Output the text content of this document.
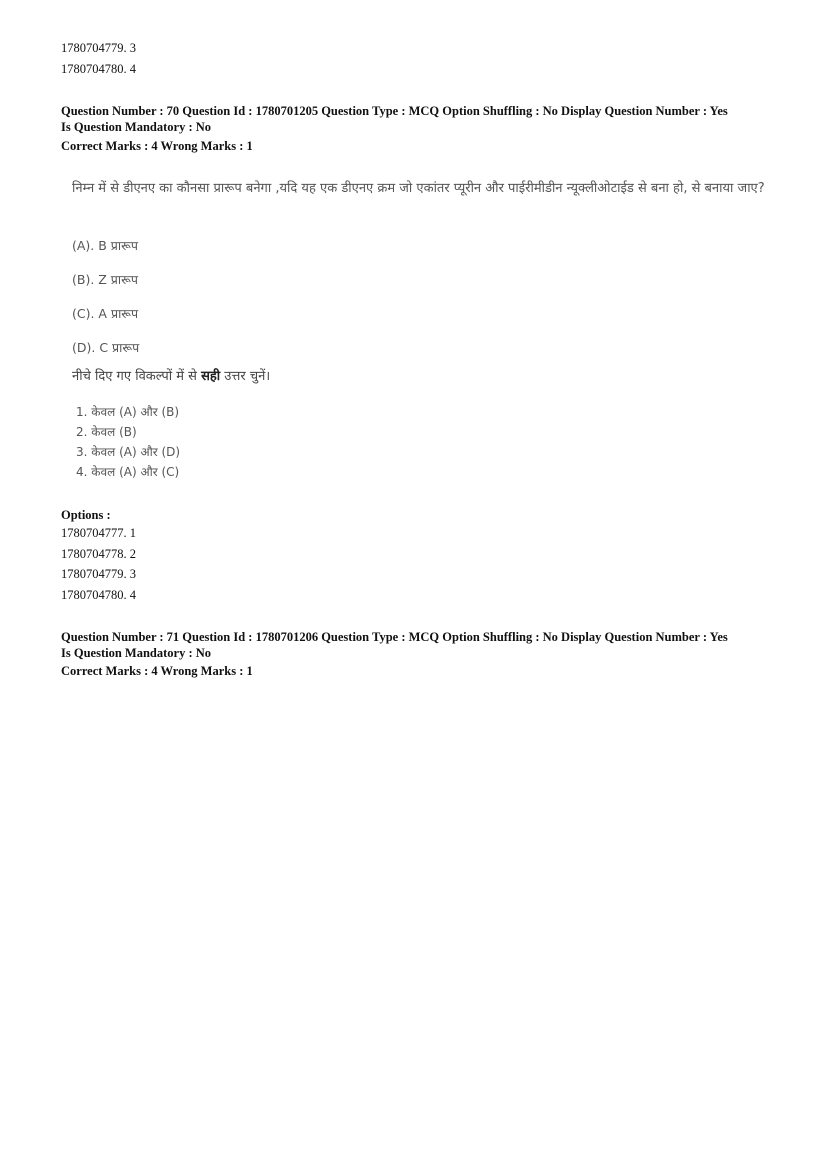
1780704779. 3
1780704780. 4
Question Number : 70 Question Id : 1780701205 Question Type : MCQ Option Shuffling : No Display Question Number : Yes
Is Question Mandatory : No
Correct Marks : 4 Wrong Marks : 1
निम्न में से डीएनए का कौनसा प्रारूप बनेगा ,यदि यह एक डीएनए क्रम जो एकांतर प्यूरीन और पाईरीमीडीन न्यूक्लीओटाईड से बना हो, से बनाया जाए?
(A). B प्रारूप
(B). Z प्रारूप
(C). A प्रारूप
(D). C प्रारूप
नीचे दिए गए विकल्पों में से सही उत्तर चुनें।
1. केवल (A) और (B)
2. केवल (B)
3. केवल (A) और (D)
4. केवल (A) और (C)
Options :
1780704777. 1
1780704778. 2
1780704779. 3
1780704780. 4
Question Number : 71 Question Id : 1780701206 Question Type : MCQ Option Shuffling : No Display Question Number : Yes
Is Question Mandatory : No
Correct Marks : 4 Wrong Marks : 1
